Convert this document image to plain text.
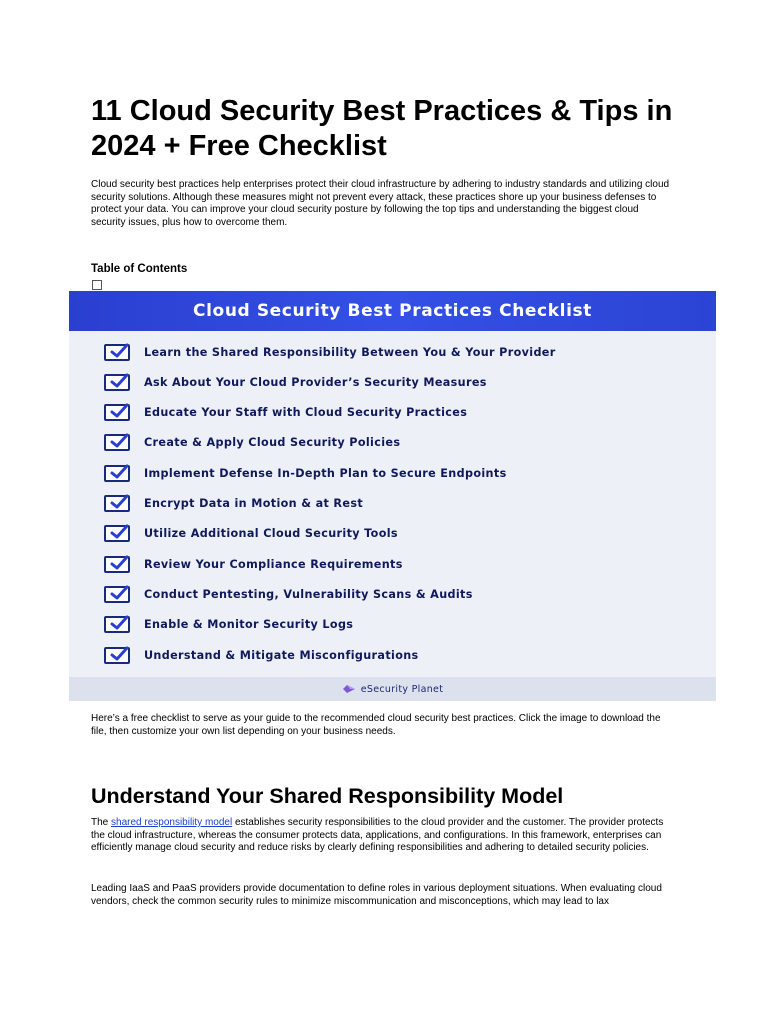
11 Cloud Security Best Practices & Tips in 2024 + Free Checklist

Cloud security best practices help enterprises protect their cloud infrastructure by adhering to industry standards and utilizing cloud security solutions. Although these measures might not prevent every attack, these practices shore up your business defenses to protect your data. You can improve your cloud security posture by following the top tips and understanding the biggest cloud security issues, plus how to overcome them.

Table of Contents
Cloud Security Best Practices Checklist
Learn the Shared Responsibility Between You & Your Provider
Ask About Your Cloud Provider’s Security Measures
Educate Your Staff with Cloud Security Practices
Create & Apply Cloud Security Policies
Implement Defense In-Depth Plan to Secure Endpoints
Encrypt Data in Motion & at Rest
Utilize Additional Cloud Security Tools
Review Your Compliance Requirements
Conduct Pentesting, Vulnerability Scans & Audits
Enable & Monitor Security Logs
Understand & Mitigate Misconfigurations
eSecurity Planet

Here’s a free checklist to serve as your guide to the recommended cloud security best practices. Click the image to download the file, then customize your own list depending on your business needs.

Understand Your Shared Responsibility Model

The shared responsibility model establishes security responsibilities to the cloud provider and the customer. The provider protects the cloud infrastructure, whereas the consumer protects data, applications, and configurations. In this framework, enterprises can efficiently manage cloud security and reduce risks by clearly defining responsibilities and adhering to detailed security policies.

Leading IaaS and PaaS providers provide documentation to define roles in various deployment situations. When evaluating cloud vendors, check the common security rules to minimize miscommunication and misconceptions, which may lead to lax
